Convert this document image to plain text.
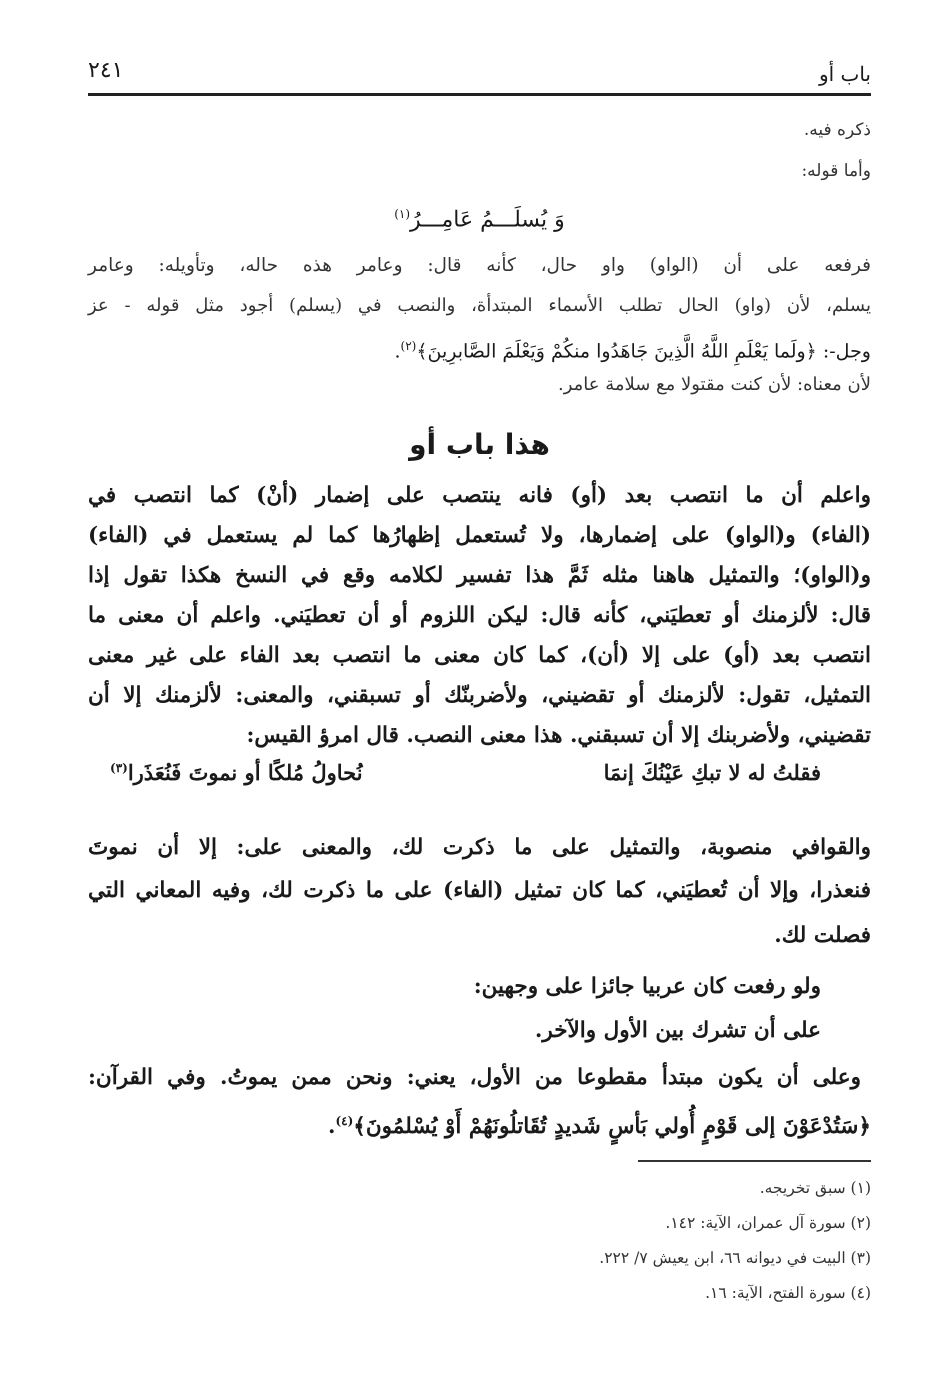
باب أو
٢٤١
ذكره فيه.
وأما قوله:
وَ يُسلَـــمُ عَامِـــرُ$^{(١)}$
فرفعه على أن (الواو) واو حال، كأنه قال: وعامر هذه حاله، وتأويله: وعامر
يسلم، لأن (واو) الحال تطلب الأسماء المبتدأة، والنصب في (يسلم) أجود مثل قوله - عز
وجل-: ﴿ولَما يَعْلَمِ اللَّهُ الَّذِينَ جَاهَدُوا منكُمْ وَيَعْلَمَ الصَّابرِينَ﴾$^{(٢)}$.
لأن معناه: لأن كنت مقتولا مع سلامة عامر.
هذا باب أو
واعلم أن ما انتصب بعد (أو) فانه ينتصب على إضمار (أنْ) كما انتصب في
(الفاء) و(الواو) على إضمارها، ولا تُستعمل إظهارُها كما لم يستعمل في (الفاء)
و(الواو)؛ والتمثيل هاهنا مثله ثَمَّ هذا تفسير لكلامه وقع في النسخ هكذا تقول إذا
قال: لألزمنك أو تعطيَني، كأنه قال: ليكن اللزوم أو أن تعطيَني. واعلم أن معنى ما
انتصب بعد (أو) على إلا (أن)، كما كان معنى ما انتصب بعد الفاء على غير معنى
التمثيل، تقول: لألزمنك أو تقضيني، ولأضربنّك أو تسبقني، والمعنى: لألزمنك إلا أن
تقضيني، ولأضربنك إلا أن تسبقني. هذا معنى النصب. قال امرؤ القيس:
فقلتُ له لا تبكِ عَيْنُكَ إنمَا
نُحاولُ مُلكًا أو نموتَ فَنُعَذَرا$^{(٣)}$
والقوافي منصوبة، والتمثيل على ما ذكرت لك، والمعنى على: إلا أن نموتَ
فنعذرا، وإلا أن تُعطيَني، كما كان تمثيل (الفاء) على ما ذكرت لك، وفيه المعاني التي
فصلت لك.
ولو رفعت كان عربيا جائزا على وجهين:
على أن تشرك بين الأول والآخر.
وعلى أن يكون مبتدأ مقطوعا من الأول، يعني: ونحن ممن يموتُ. وفي القرآن:
﴿سَتُدْعَوْنَ إلى قَوْمٍ أُولي بَأسٍ شَديدٍ تُقَاتلُونَهُمْ أَوْ يُسْلمُونَ﴾$^{(٤)}$.
(١) سبق تخريجه.
(٢) سورة آل عمران، الآية: ١٤٢.
(٣) البيت في ديوانه ٦٦، ابن يعيش ٧/ ٢٢٢.
(٤) سورة الفتح، الآية: ١٦.
